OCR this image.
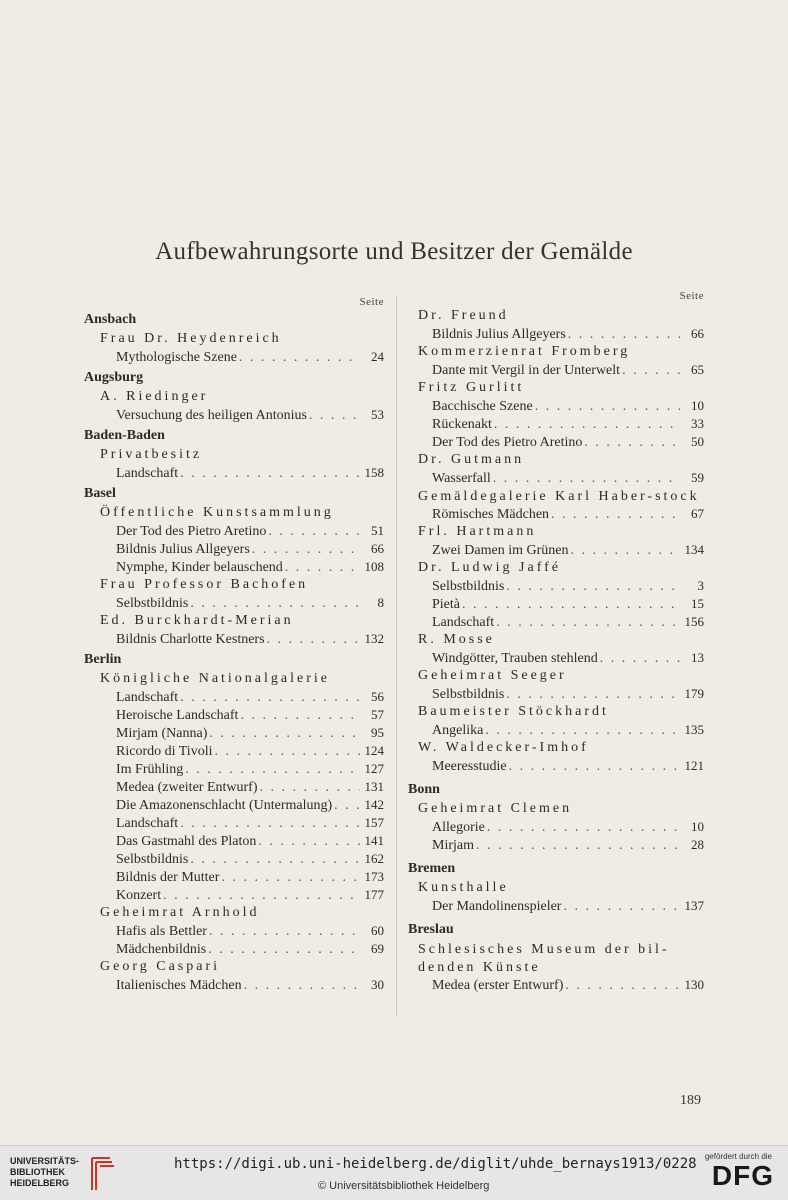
Aufbewahrungsorte und Besitzer der Gemälde
Seite
Ansbach
Frau Dr. Heydenreich
Mythologische Szene . . .	24
Augsburg
A. Riedinger
Versuchung des heiligen Antonius . . .	53
Baden-Baden
Privatbesitz
Landschaft . . .	158
Basel
Öffentliche Kunstsammlung
Der Tod des Pietro Aretino . . .	51
Bildnis Julius Allgeyers . . .	66
Nymphe, Kinder belauschend . . .	108
Frau Professor Bachofen
Selbstbildnis . . .	8
Ed. Burckhardt-Merian
Bildnis Charlotte Kestners . . .	132
Berlin
Königliche Nationalgalerie
Landschaft . . .	56
Heroische Landschaft . . .	57
Mirjam (Nanna) . . .	95
Ricordo di Tivoli . . .	124
Im Frühling . . .	127
Medea (zweiter Entwurf) . . .	131
Die Amazonenschlacht (Untermalung) . . . 142
Landschaft . . .	157
Das Gastmahl des Platon . . .	141
Selbstbildnis . . .	162
Bildnis der Mutter . . .	173
Konzert . . .	177
Geheimrat Arnhold
Hafis als Bettler . . .	60
Mädchenbildnis . . .	69
Georg Caspari
Italienisches Mädchen . . .	30
Seite
Dr. Freund
Bildnis Julius Allgeyers . . .	66
Kommerzienrat Fromberg
Dante mit Vergil in der Unterwelt . . .	65
Fritz Gurlitt
Bacchische Szene . . .	10
Rückenakt . . .	33
Der Tod des Pietro Aretino . . .	50
Dr. Gutmann
Wasserfall . . .	59
Gemäldegalerie Karl Haber-stock
Römisches Mädchen . . .	67
Frl. Hartmann
Zwei Damen im Grünen . . .	134
Dr. Ludwig Jaffé
Selbstbildnis . . .	3
Pietà . . .	15
Landschaft . . .	156
R. Mosse
Windgötter, Trauben stehlend . . .	13
Geheimrat Seeger
Selbstbildnis . . .	179
Baumeister Stöckhardt
Angelika . . .	135
W. Waldecker-Imhof
Meeresstudie . . .	121
Bonn
Geheimrat Clemen
Allegorie . . .	10
Mirjam . . .	28
Bremen
Kunsthalle
Der Mandolinenspieler . . .	137
Breslau
Schlesisches Museum der bil-denden Künste
Medea (erster Entwurf) . . .	130
189
UNIVERSITÄTS-
BIBLIOTHEK
HEIDELBERG
https://digi.ub.uni-heidelberg.de/diglit/uhde_bernays1913/0228
© Universitätsbibliothek Heidelberg
gefördert durch die
DFG
